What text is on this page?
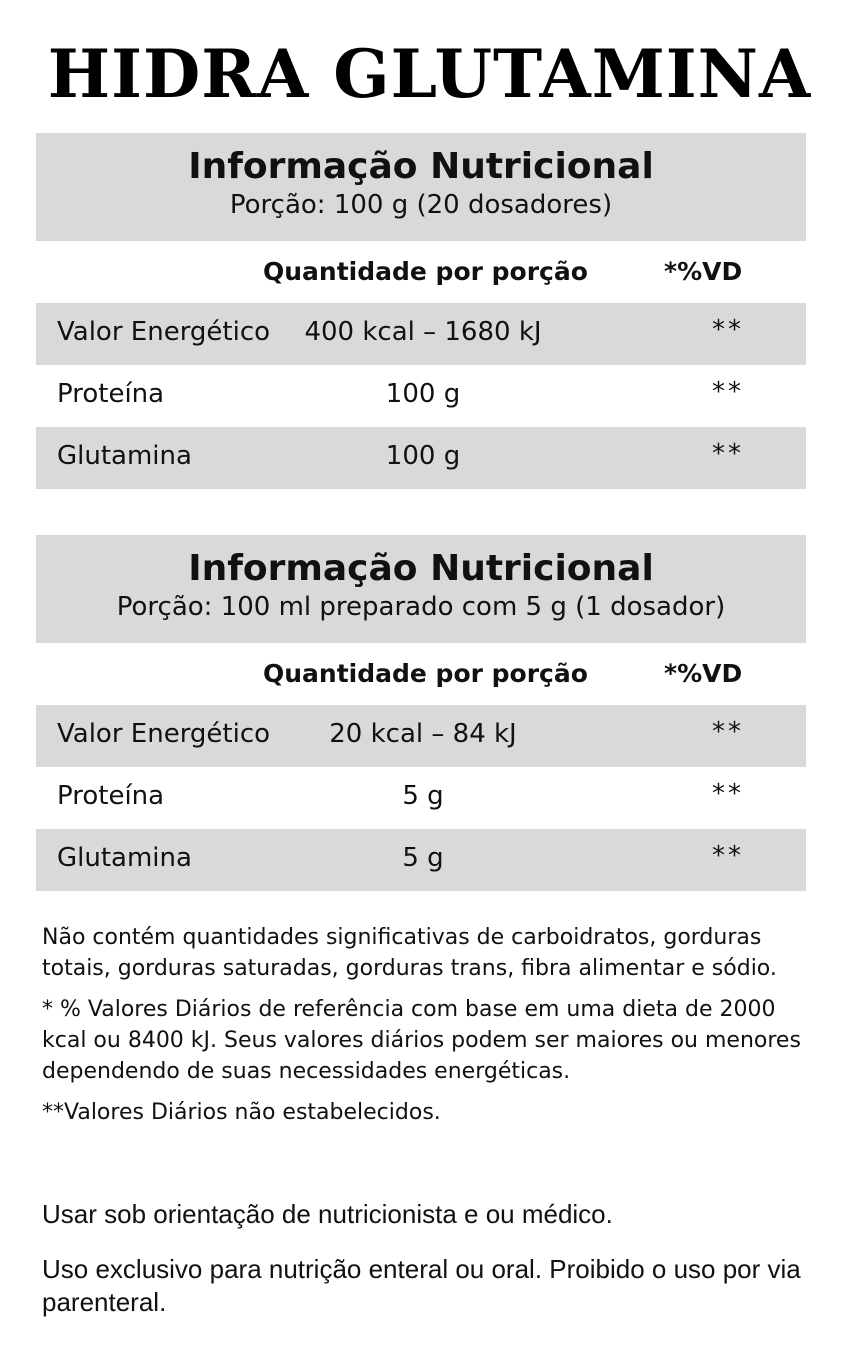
HIDRA GLUTAMINA
Informação Nutricional
Porção: 100 g (20 dosadores)
Quantidade por porção	*%VD
Valor Energético 400 kcal – 1680 kJ	**
Proteína	100 g	**
Glutamina	100 g	**
Informação Nutricional
Porção: 100 ml preparado com 5 g (1 dosador)
Quantidade por porção	*%VD
Valor Energético 20 kcal – 84 kJ	**
Proteína	5 g	**
Glutamina	5 g	**

Não contém quantidades significativas de carboidratos, gorduras totais, gorduras saturadas, gorduras trans, fibra alimentar e sódio.

* % Valores Diários de referência com base em uma dieta de 2000 kcal ou 8400 kJ. Seus valores diários podem ser maiores ou menores dependendo de suas necessidades energéticas.

**Valores Diários não estabelecidos.

Usar sob orientação de nutricionista e ou médico.

Uso exclusivo para nutrição enteral ou oral. Proibido o uso por via parenteral.
